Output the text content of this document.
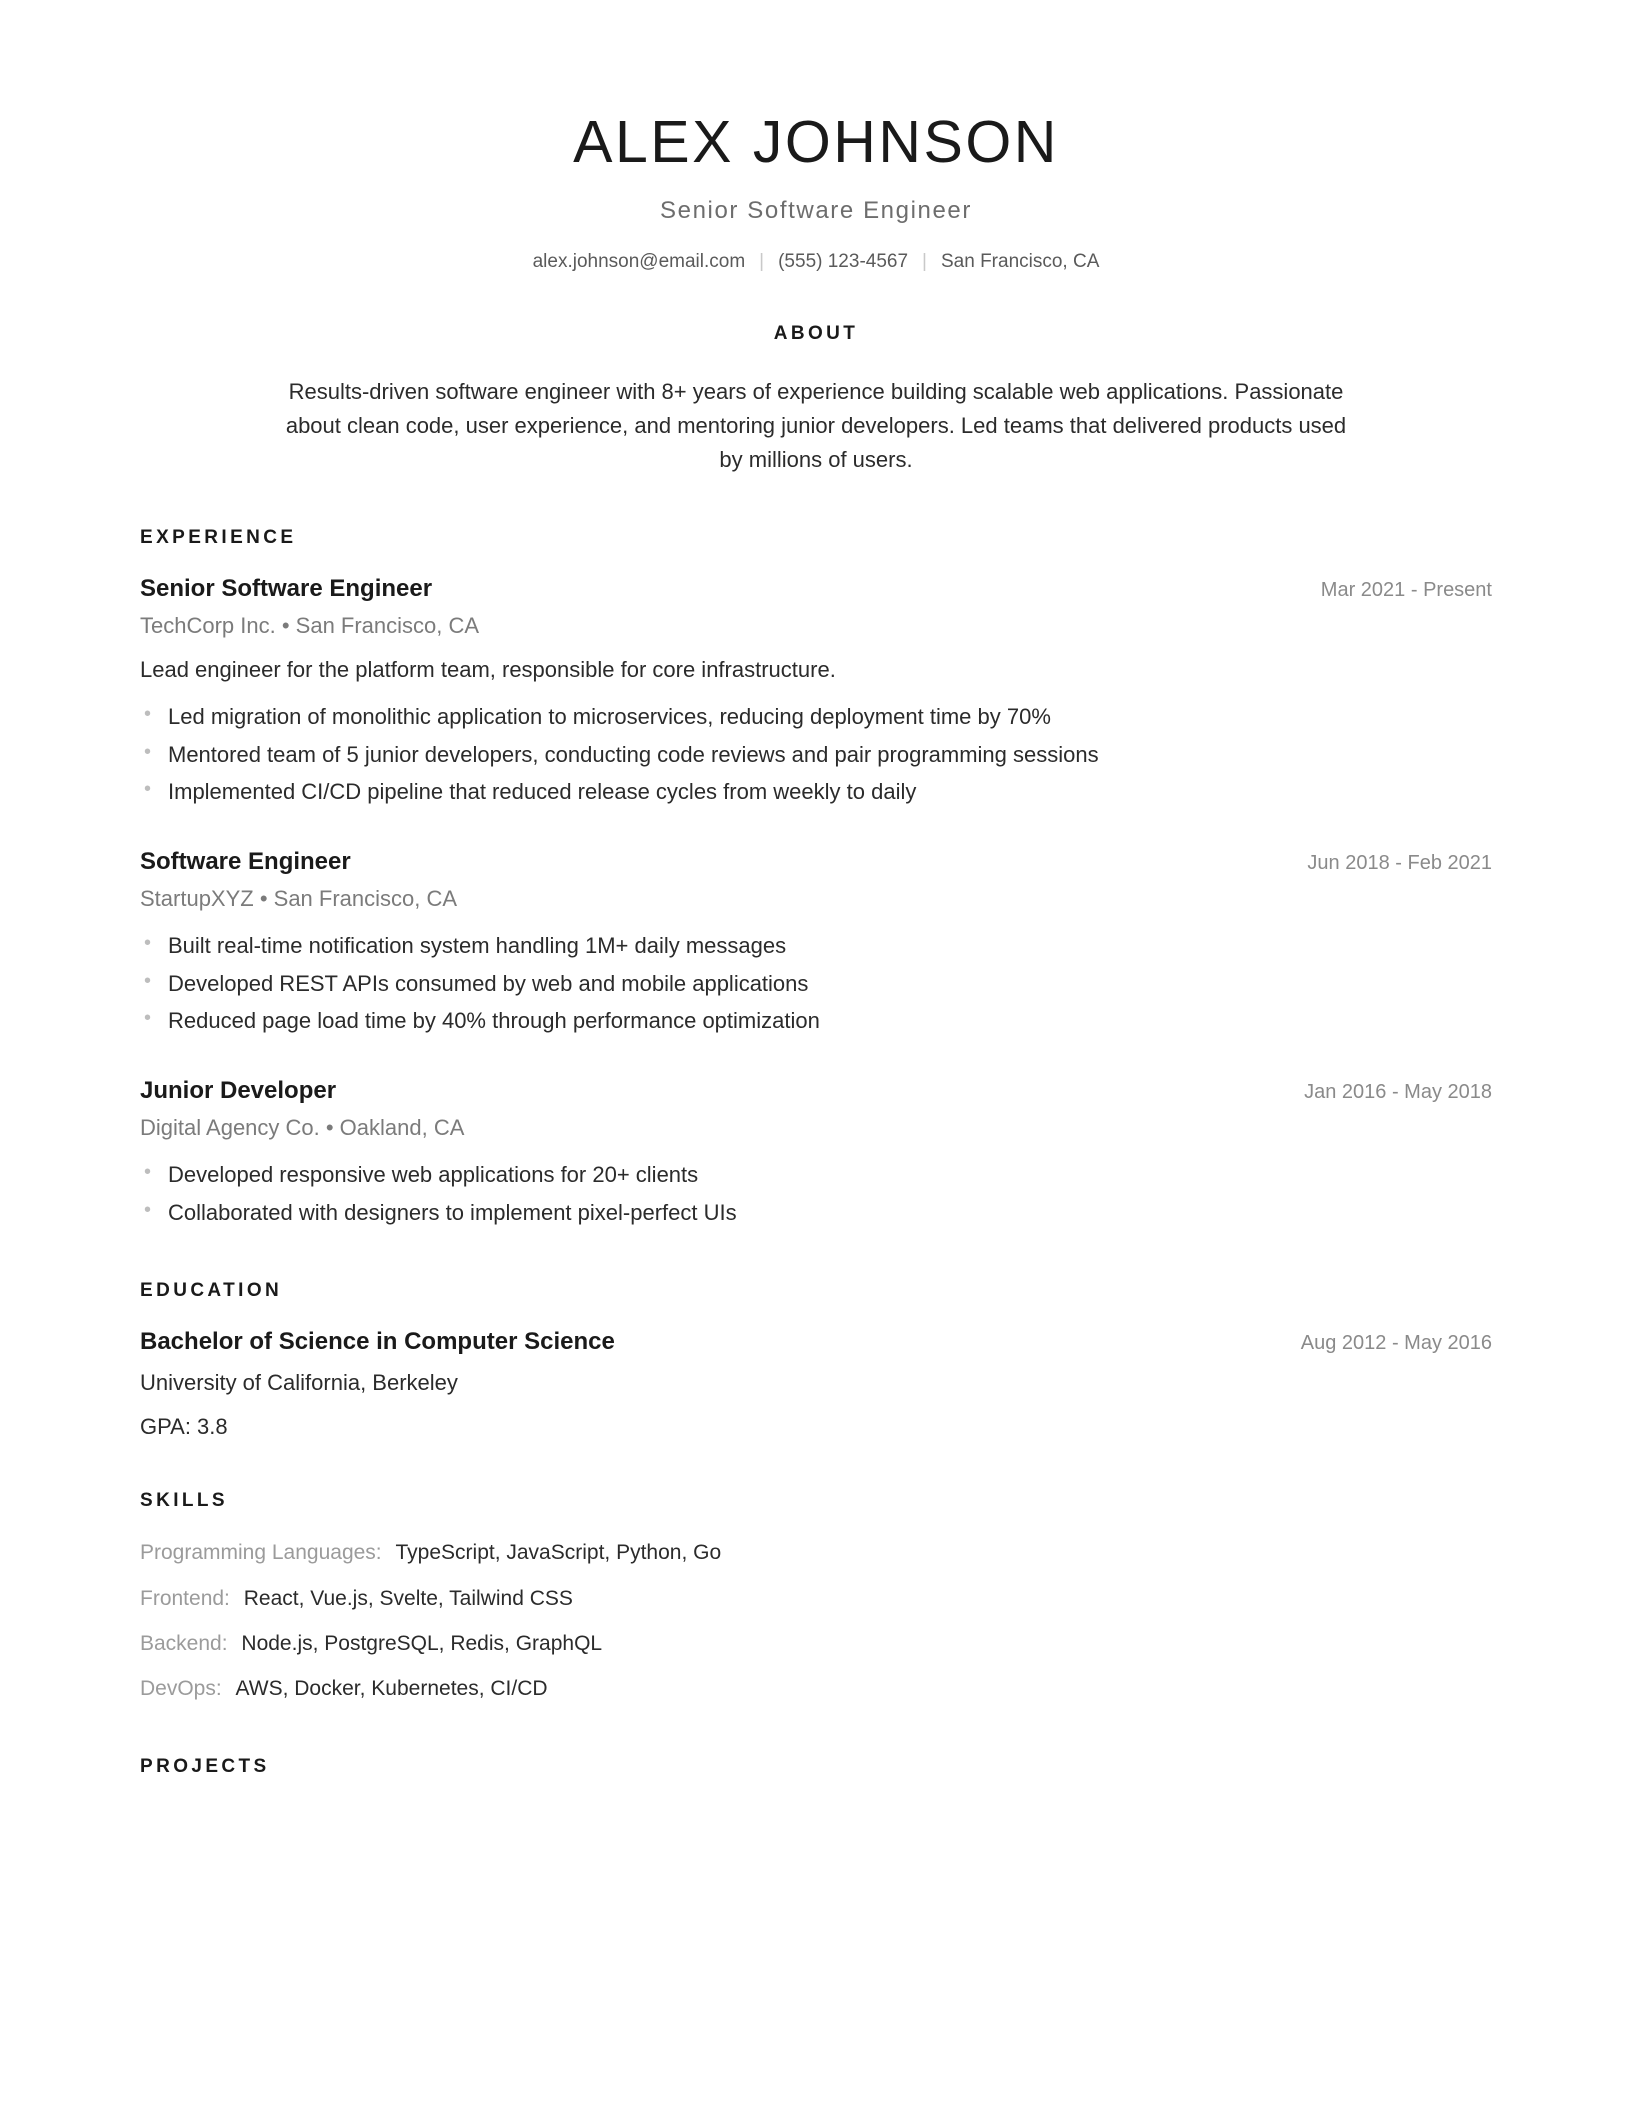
ALEX JOHNSON
Senior Software Engineer
alex.johnson@email.com | (555) 123-4567 | San Francisco, CA
ABOUT

Results-driven software engineer with 8+ years of experience building scalable web applications. Passionate about clean code, user experience, and mentoring junior developers. Led teams that delivered products used by millions of users.

EXPERIENCE
Senior Software Engineer	Mar 2021 - Present
TechCorp Inc. • San Francisco, CA
Lead engineer for the platform team, responsible for core infrastructure.
• Led migration of monolithic application to microservices, reducing deployment time by 70%
• Mentored team of 5 junior developers, conducting code reviews and pair programming sessions
• Implemented CI/CD pipeline that reduced release cycles from weekly to daily
Software Engineer	Jun 2018 - Feb 2021
StartupXYZ • San Francisco, CA
• Built real-time notification system handling 1M+ daily messages
• Developed REST APIs consumed by web and mobile applications
• Reduced page load time by 40% through performance optimization
Junior Developer	Jan 2016 - May 2018
Digital Agency Co. • Oakland, CA
• Developed responsive web applications for 20+ clients
• Collaborated with designers to implement pixel-perfect UIs
EDUCATION
Bachelor of Science in Computer Science	Aug 2012 - May 2016
University of California, Berkeley
GPA: 3.8
SKILLS
Programming Languages: TypeScript, JavaScript, Python, Go
Frontend: React, Vue.js, Svelte, Tailwind CSS
Backend: Node.js, PostgreSQL, Redis, GraphQL
DevOps: AWS, Docker, Kubernetes, CI/CD
PROJECTS
